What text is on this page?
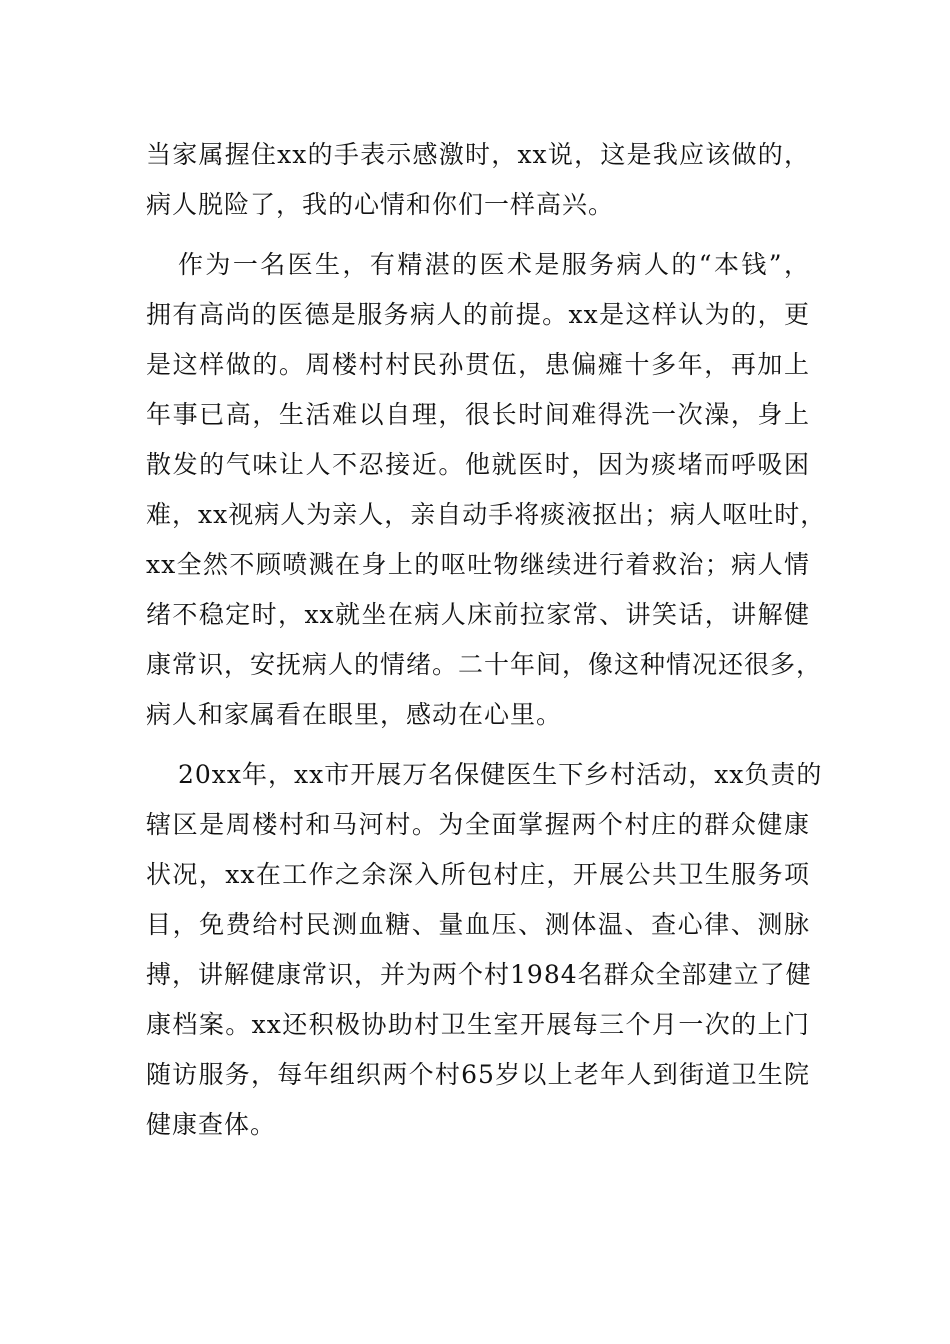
当家属握住xx的手表示感激时，xx说，这是我应该做的，
病人脱险了，我的心情和你们一样高兴。
作为一名医生，有精湛的医术是服务病人的“本钱”，
拥有高尚的医德是服务病人的前提。xx是这样认为的，更
是这样做的。周楼村村民孙贯伍，患偏瘫十多年，再加上
年事已高，生活难以自理，很长时间难得洗一次澡，身上
散发的气味让人不忍接近。他就医时，因为痰堵而呼吸困
难，xx视病人为亲人，亲自动手将痰液抠出；病人呕吐时，
xx全然不顾喷溅在身上的呕吐物继续进行着救治；病人情
绪不稳定时，xx就坐在病人床前拉家常、讲笑话，讲解健
康常识，安抚病人的情绪。二十年间，像这种情况还很多，
病人和家属看在眼里，感动在心里。
20xx年，xx市开展万名保健医生下乡村活动，xx负责的
辖区是周楼村和马河村。为全面掌握两个村庄的群众健康
状况，xx在工作之余深入所包村庄，开展公共卫生服务项
目，免费给村民测血糖、量血压、测体温、查心律、测脉
搏，讲解健康常识，并为两个村1984名群众全部建立了健
康档案。xx还积极协助村卫生室开展每三个月一次的上门
随访服务，每年组织两个村65岁以上老年人到街道卫生院
健康查体。
